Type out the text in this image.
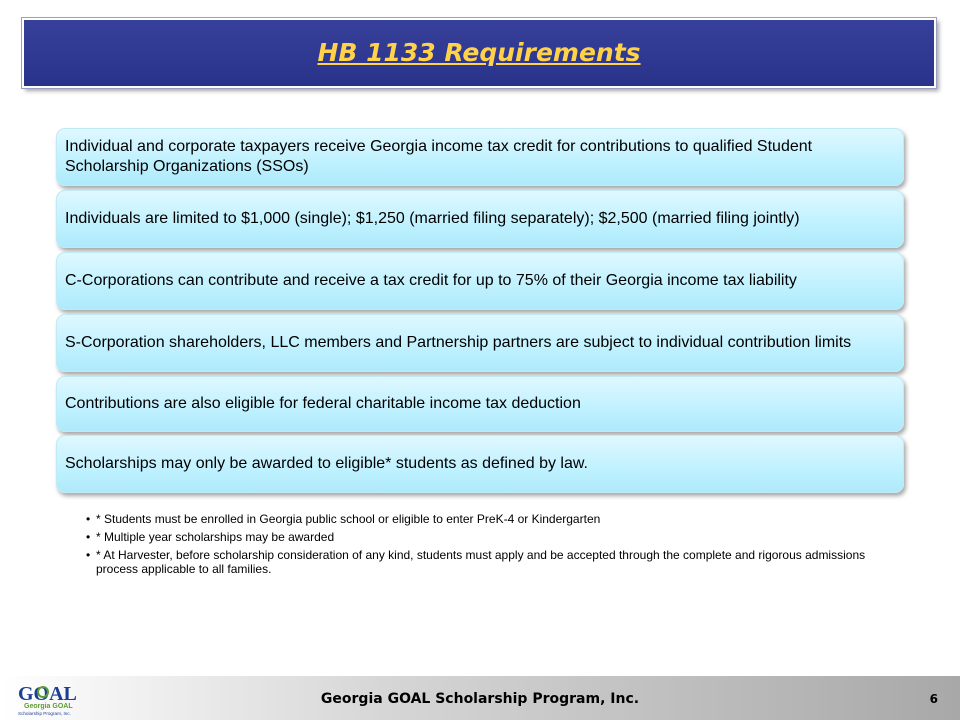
HB 1133 Requirements
Individual and corporate taxpayers receive Georgia income tax credit for contributions to qualified Student Scholarship Organizations (SSOs)
Individuals are limited to $1,000 (single); $1,250 (married filing separately); $2,500 (married filing jointly)
C-Corporations can contribute and receive a tax credit for up to 75% of their Georgia income tax liability
S-Corporation shareholders, LLC members and Partnership partners are subject to individual contribution limits
Contributions are also eligible for federal charitable income tax deduction
Scholarships may only be awarded to eligible* students as defined by law.
• * Students must be enrolled in Georgia public school or eligible to enter PreK-4 or Kindergarten
• * Multiple year scholarships may be awarded
• * At Harvester, before scholarship consideration of any kind, students must apply and be accepted through the complete and rigorous admissions process applicable to all families.
GOAL
Georgia GOAL
Scholarship Program, Inc.
Georgia GOAL Scholarship Program, Inc.	6
